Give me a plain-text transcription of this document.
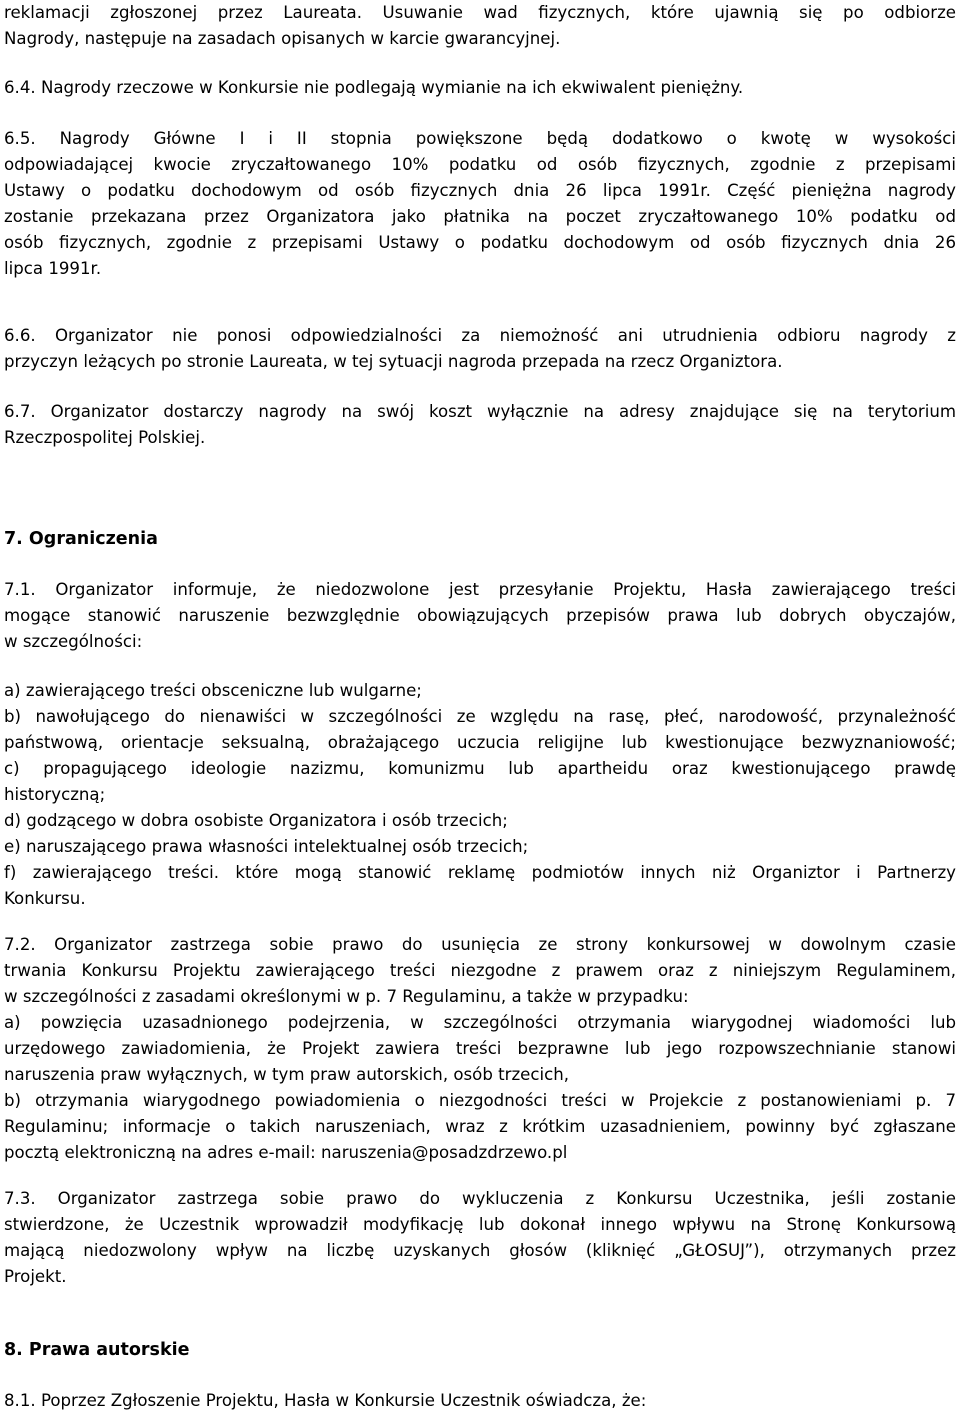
reklamacji zgłoszonej przez Laureata. Usuwanie wad fizycznych, które ujawnią się po odbiorze
Nagrody, następuje na zasadach opisanych w karcie gwarancyjnej.
6.4. Nagrody rzeczowe w Konkursie nie podlegają wymianie na ich ekwiwalent pieniężny.
6.5. Nagrody Główne I i II stopnia powiększone będą dodatkowo o kwotę w wysokości
odpowiadającej kwocie zryczałtowanego 10% podatku od osób fizycznych, zgodnie z przepisami
Ustawy o podatku dochodowym od osób fizycznych dnia 26 lipca 1991r. Część pieniężna nagrody
zostanie przekazana przez Organizatora jako płatnika na poczet zryczałtowanego 10% podatku od
osób fizycznych, zgodnie z przepisami Ustawy o podatku dochodowym od osób fizycznych dnia 26
lipca 1991r.
6.6. Organizator nie ponosi odpowiedzialności za niemożność ani utrudnienia odbioru nagrody z
przyczyn leżących po stronie Laureata, w tej sytuacji nagroda przepada na rzecz Organiztora.
6.7. Organizator dostarczy nagrody na swój koszt wyłącznie na adresy znajdujące się na terytorium
Rzeczpospolitej Polskiej.
7. Ograniczenia
7.1. Organizator informuje, że niedozwolone jest przesyłanie Projektu, Hasła zawierającego treści
mogące stanowić naruszenie bezwzględnie obowiązujących przepisów prawa lub dobrych obyczajów,
w szczególności:
a) zawierającego treści obsceniczne lub wulgarne;
b) nawołującego do nienawiści w szczególności ze względu na rasę, płeć, narodowość, przynależność
państwową, orientacje seksualną, obrażającego uczucia religijne lub kwestionujące bezwyznaniowość;
c) propagującego ideologie nazizmu, komunizmu lub apartheidu oraz kwestionującego prawdę
historyczną;
d) godzącego w dobra osobiste Organizatora i osób trzecich;
e) naruszającego prawa własności intelektualnej osób trzecich;
f) zawierającego treści. które mogą stanowić reklamę podmiotów innych niż Organiztor i Partnerzy
Konkursu.
7.2. Organizator zastrzega sobie prawo do usunięcia ze strony konkursowej w dowolnym czasie
trwania Konkursu Projektu zawierającego treści niezgodne z prawem oraz z niniejszym Regulaminem,
w szczególności z zasadami określonymi w p. 7 Regulaminu, a także w przypadku:
a) powzięcia uzasadnionego podejrzenia, w szczególności otrzymania wiarygodnej wiadomości lub
urzędowego zawiadomienia, że Projekt zawiera treści bezprawne lub jego rozpowszechnianie stanowi
naruszenia praw wyłącznych, w tym praw autorskich, osób trzecich,
b) otrzymania wiarygodnego powiadomienia o niezgodności treści w Projekcie z postanowieniami p. 7
Regulaminu; informacje o takich naruszeniach, wraz z krótkim uzasadnieniem, powinny być zgłaszane
pocztą elektroniczną na adres e-mail: naruszenia@posadzdrzewo.pl
7.3. Organizator zastrzega sobie prawo do wykluczenia z Konkursu Uczestnika, jeśli zostanie
stwierdzone, że Uczestnik wprowadził modyfikację lub dokonał innego wpływu na Stronę Konkursową
mającą niedozwolony wpływ na liczbę uzyskanych głosów (kliknięć „GŁOSUJ”), otrzymanych przez
Projekt.
8. Prawa autorskie
8.1. Poprzez Zgłoszenie Projektu, Hasła w Konkursie Uczestnik oświadcza, że:
